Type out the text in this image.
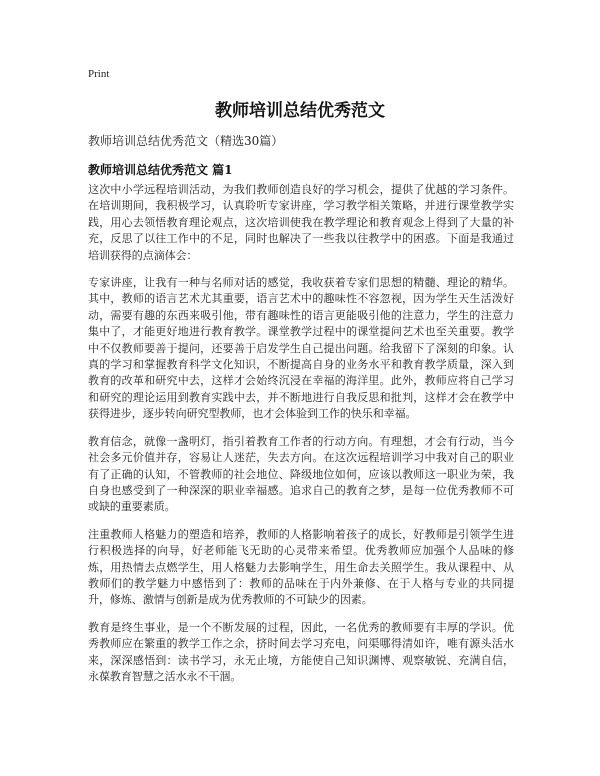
Print
教师培训总结优秀范文
教师培训总结优秀范文（精选30篇）
教师培训总结优秀范文 篇1

这次中小学远程培训活动，为我们教师创造良好的学习机会，提供了优越的学习条件。在培训期间，我积极学习，认真聆听专家讲座，学习教学相关策略，并进行课堂教学实践，用心去领悟教育理论观点，这次培训使我在教学理论和教育观念上得到了大量的补充，反思了以往工作中的不足，同时也解决了一些我以往教学中的困惑。下面是我通过培训获得的点滴体会：

专家讲座，让我有一种与名师对话的感觉，我收获着专家们思想的精髓、理论的精华。其中，教师的语言艺术尤其重要，语言艺术中的趣味性不容忽视，因为学生天生活泼好动，需要有趣的东西来吸引他，带有趣味性的语言更能吸引他的注意力，学生的注意力集中了，才能更好地进行教育教学。课堂教学过程中的课堂提问艺术也至关重要。教学中不仅教师要善于提问，还要善于启发学生自己提出问题。给我留下了深刻的印象。认真的学习和掌握教育科学文化知识，不断提高自身的业务水平和教育教学质量，深入到教育的改革和研究中去，这样才会始终沉浸在幸福的海洋里。此外，教师应将自己学习和研究的理论运用到教育实践中去，并不断地进行自我反思和批判，这样才会在教学中获得进步，逐步转向研究型教师，也才会体验到工作的快乐和幸福。

教育信念，就像一盏明灯，指引着教育工作者的行动方向。有理想，才会有行动，当今社会多元价值并存，容易让人迷茫，失去方向。在这次远程培训学习中我对自己的职业有了正确的认知，不管教师的社会地位、降级地位如何，应该以教师这一职业为荣，我自身也感受到了一种深深的职业幸福感。追求自己的教育之梦，是每一位优秀教师不可或缺的重要素质。

注重教师人格魅力的塑造和培养，教师的人格影响着孩子的成长，好教师是引领学生进行积极选择的向导，好老师能飞无助的心灵带来希望。优秀教师应加强个人品味的修炼，用热情去点燃学生，用人格魅力去影响学生，用生命去关照学生。我从课程中、从教师们的教学魅力中感悟到了：教师的品味在于内外兼修、在于人格与专业的共同提升，修炼、激情与创新是成为优秀教师的不可缺少的因素。

教育是终生事业，是一个不断发展的过程，因此，一名优秀的教师要有丰厚的学识。优秀教师应在繁重的教学工作之余，挤时间去学习充电，问渠哪得清如许，唯有源头活水来，深深感悟到：读书学习，永无止境，方能使自己知识渊博、观察敏锐、充满自信，永葆教育智慧之活水永不干涸。
